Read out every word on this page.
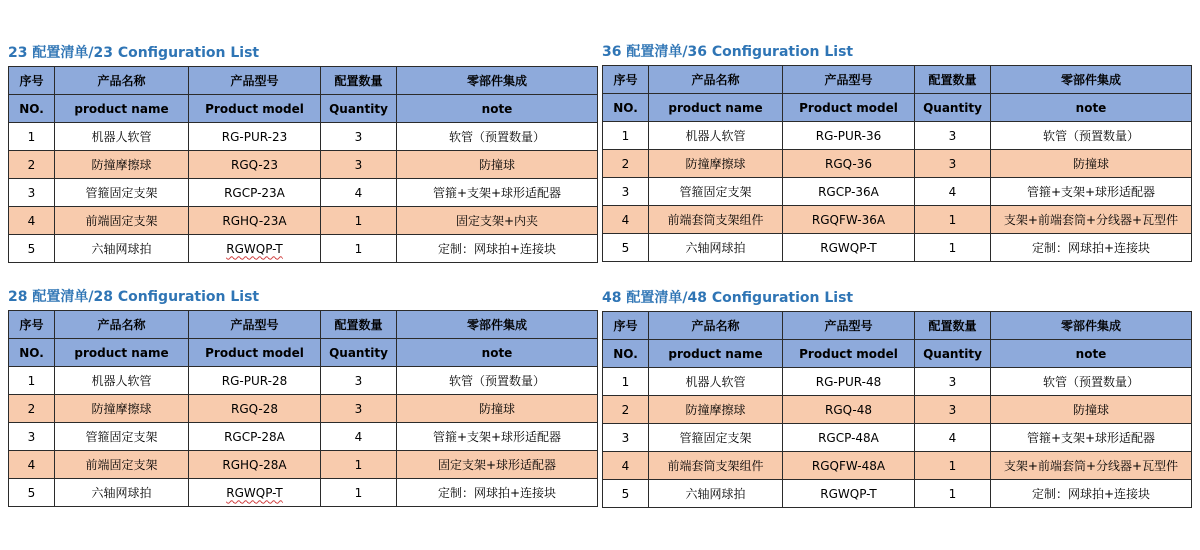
23 配置清单/23 Configuration List
序号	产品名称	产品型号	配置数量	零部件集成
NO.	product name	Product model	Quantity	note
1	机器人软管	RG-PUR-23	3	软管（预置数量）
2	防撞摩擦球	RGQ-23	3	防撞球
3	管箍固定支架	RGCP-23A	4	管箍+支架+球形适配器
4	前端固定支架	RGHQ-23A	1	固定支架+内夹
5	六轴网球拍	RGWQP-T	1	定制：网球拍+连接块
36 配置清单/36 Configuration List
序号	产品名称	产品型号	配置数量	零部件集成
NO.	product name	Product model	Quantity	note
1	机器人软管	RG-PUR-36	3	软管（预置数量）
2	防撞摩擦球	RGQ-36	3	防撞球
3	管箍固定支架	RGCP-36A	4	管箍+支架+球形适配器
4	前端套筒支架组件	RGQFW-36A	1	支架+前端套筒+分线器+瓦型件
5	六轴网球拍	RGWQP-T	1	定制：网球拍+连接块
28 配置清单/28 Configuration List
序号	产品名称	产品型号	配置数量	零部件集成
NO.	product name	Product model	Quantity	note
1	机器人软管	RG-PUR-28	3	软管（预置数量）
2	防撞摩擦球	RGQ-28	3	防撞球
3	管箍固定支架	RGCP-28A	4	管箍+支架+球形适配器
4	前端固定支架	RGHQ-28A	1	固定支架+球形适配器
5	六轴网球拍	RGWQP-T	1	定制：网球拍+连接块
48 配置清单/48 Configuration List
序号	产品名称	产品型号	配置数量	零部件集成
NO.	product name	Product model	Quantity	note
1	机器人软管	RG-PUR-48	3	软管（预置数量）
2	防撞摩擦球	RGQ-48	3	防撞球
3	管箍固定支架	RGCP-48A	4	管箍+支架+球形适配器
4	前端套筒支架组件	RGQFW-48A	1	支架+前端套筒+分线器+瓦型件
5	六轴网球拍	RGWQP-T	1	定制：网球拍+连接块
